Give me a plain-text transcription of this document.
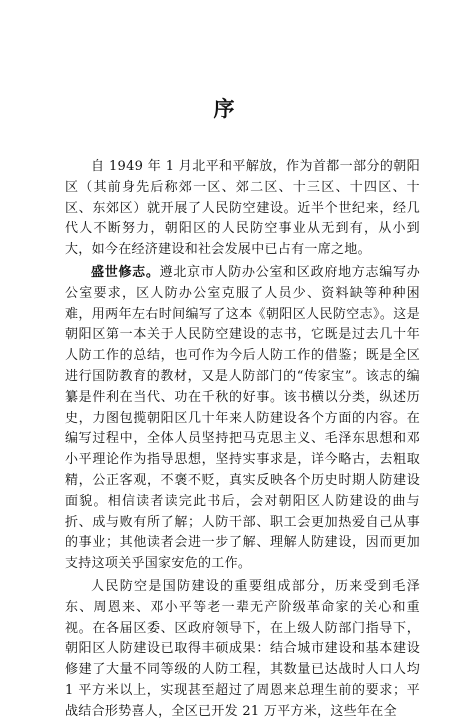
序

自 1949 年 1 月北平和平解放，作为首都一部分的朝阳区（其前身先后称郊一区、郊二区、十三区、十四区、十区、东郊区）就开展了人民防空建设。近半个世纪来，经几代人不断努力，朝阳区的人民防空事业从无到有，从小到大，如今在经济建设和社会发展中已占有一席之地。

盛世修志。遵北京市人防办公室和区政府地方志编写办公室要求，区人防办公室克服了人员少、资料缺等种种困难，用两年左右时间编写了这本《朝阳区人民防空志》。这是朝阳区第一本关于人民防空建设的志书，它既是过去几十年人防工作的总结，也可作为今后人防工作的借鉴；既是全区进行国防教育的教材，又是人防部门的“传家宝”。该志的编纂是件利在当代、功在千秋的好事。该书横以分类，纵述历史，力图包揽朝阳区几十年来人防建设各个方面的内容。在编写过程中，全体人员坚持把马克思主义、毛泽东思想和邓小平理论作为指导思想，坚持实事求是，详今略古，去粗取精，公正客观，不褒不贬，真实反映各个历史时期人防建设面貌。相信读者读完此书后，会对朝阳区人防建设的曲与折、成与败有所了解；人防干部、职工会更加热爱自己从事的事业；其他读者会进一步了解、理解人防建设，因而更加支持这项关乎国家安危的工作。

人民防空是国防建设的重要组成部分，历来受到毛泽东、周恩来、邓小平等老一辈无产阶级革命家的关心和重视。在各届区委、区政府领导下，在上级人防部门指导下，朝阳区人防建设已取得丰硕成果：结合城市建设和基本建设修建了大量不同等级的人防工程，其数量已达战时人口人均 1 平方米以上，实现甚至超过了周恩来总理生前的要求；平战结合形势喜人，全区已开发 21 万平方米，这些年在全
